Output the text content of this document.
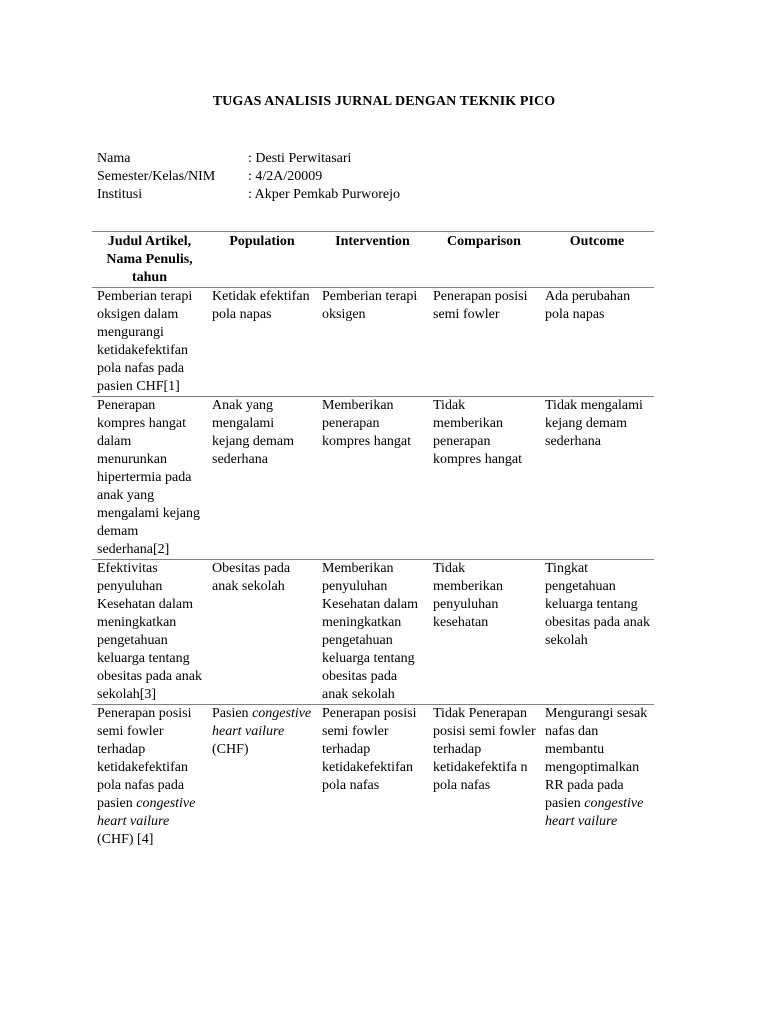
TUGAS ANALISIS JURNAL DENGAN TEKNIK PICO
Nama	: Desti Perwitasari
Semester/Kelas/NIM	: 4/2A/20009
Institusi	: Akper Pemkab Purworejo
Judul Artikel, Nama Penulis, tahun	Population	Intervention	Comparison	Outcome
Pemberian terapi oksigen dalam mengurangi ketidakefektifan pola nafas pada pasien CHF[1]	Ketidak efektifan pola napas	Pemberian terapi oksigen	Penerapan posisi semi fowler	Ada perubahan pola napas
Penerapan kompres hangat dalam menurunkan hipertermia pada anak yang mengalami kejang demam sederhana[2]	Anak yang mengalami kejang demam sederhana	Memberikan penerapan kompres hangat	Tidak memberikan penerapan kompres hangat	Tidak mengalami kejang demam sederhana
Efektivitas penyuluhan Kesehatan dalam meningkatkan pengetahuan keluarga tentang obesitas pada anak sekolah[3]	Obesitas pada anak sekolah	Memberikan penyuluhan Kesehatan dalam meningkatkan pengetahuan keluarga tentang obesitas pada anak sekolah	Tidak memberikan penyuluhan kesehatan	Tingkat pengetahuan keluarga tentang obesitas pada anak sekolah
Penerapan posisi semi fowler terhadap ketidakefektifan pola nafas pada pasien congestive heart vailure (CHF) [4]	Pasien congestive heart vailure (CHF)	Penerapan posisi semi fowler terhadap ketidakefektifan pola nafas	Tidak Penerapan posisi semi fowler terhadap ketidakefektifa n pola nafas	Mengurangi sesak nafas dan membantu mengoptimalkan RR pada pada pasien congestive heart vailure
